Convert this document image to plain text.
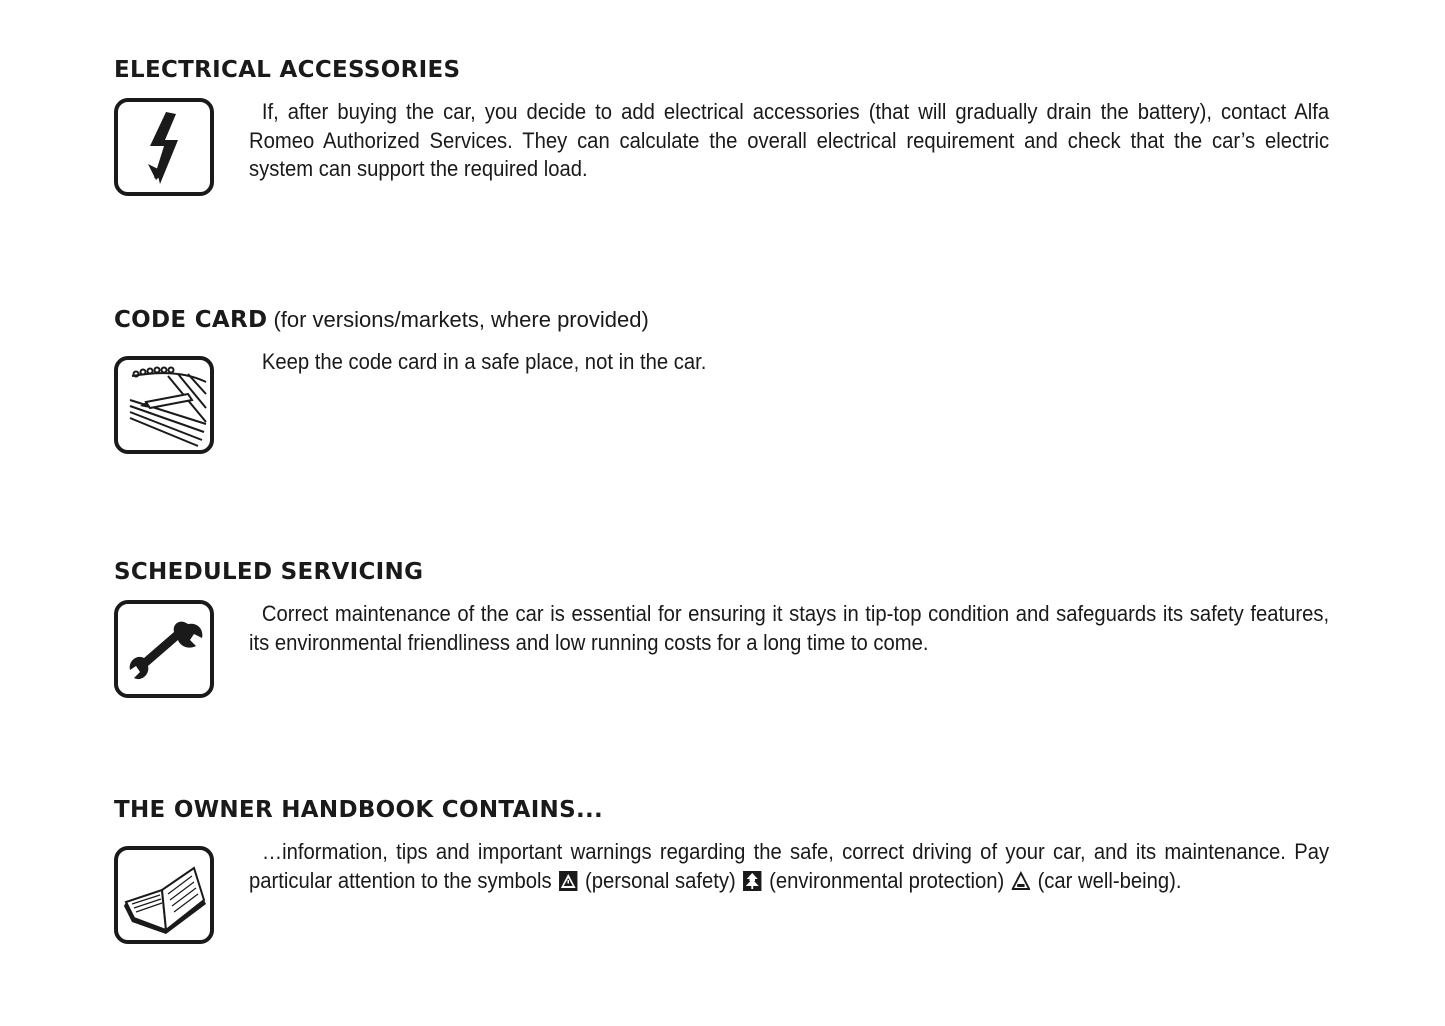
ELECTRICAL ACCESSORIES

If, after buying the car, you decide to add electrical accessories (that will gradually drain the battery), contact Alfa Romeo Authorized Services. They can calculate the overall electrical requirement and check that the car’s electric system can support the required load.

CODE CARD (for versions/markets, where provided)

Keep the code card in a safe place, not in the car.

SCHEDULED SERVICING

Correct maintenance of the car is essential for ensuring it stays in tip-top condition and safeguards its safety features, its environmental friendliness and low running costs for a long time to come.

THE OWNER HANDBOOK CONTAINS...

…information, tips and important warnings regarding the safe, correct driving of your car, and its maintenance. Pay particular attention to the symbols (personal safety) (environmental protection) (car well-being).
